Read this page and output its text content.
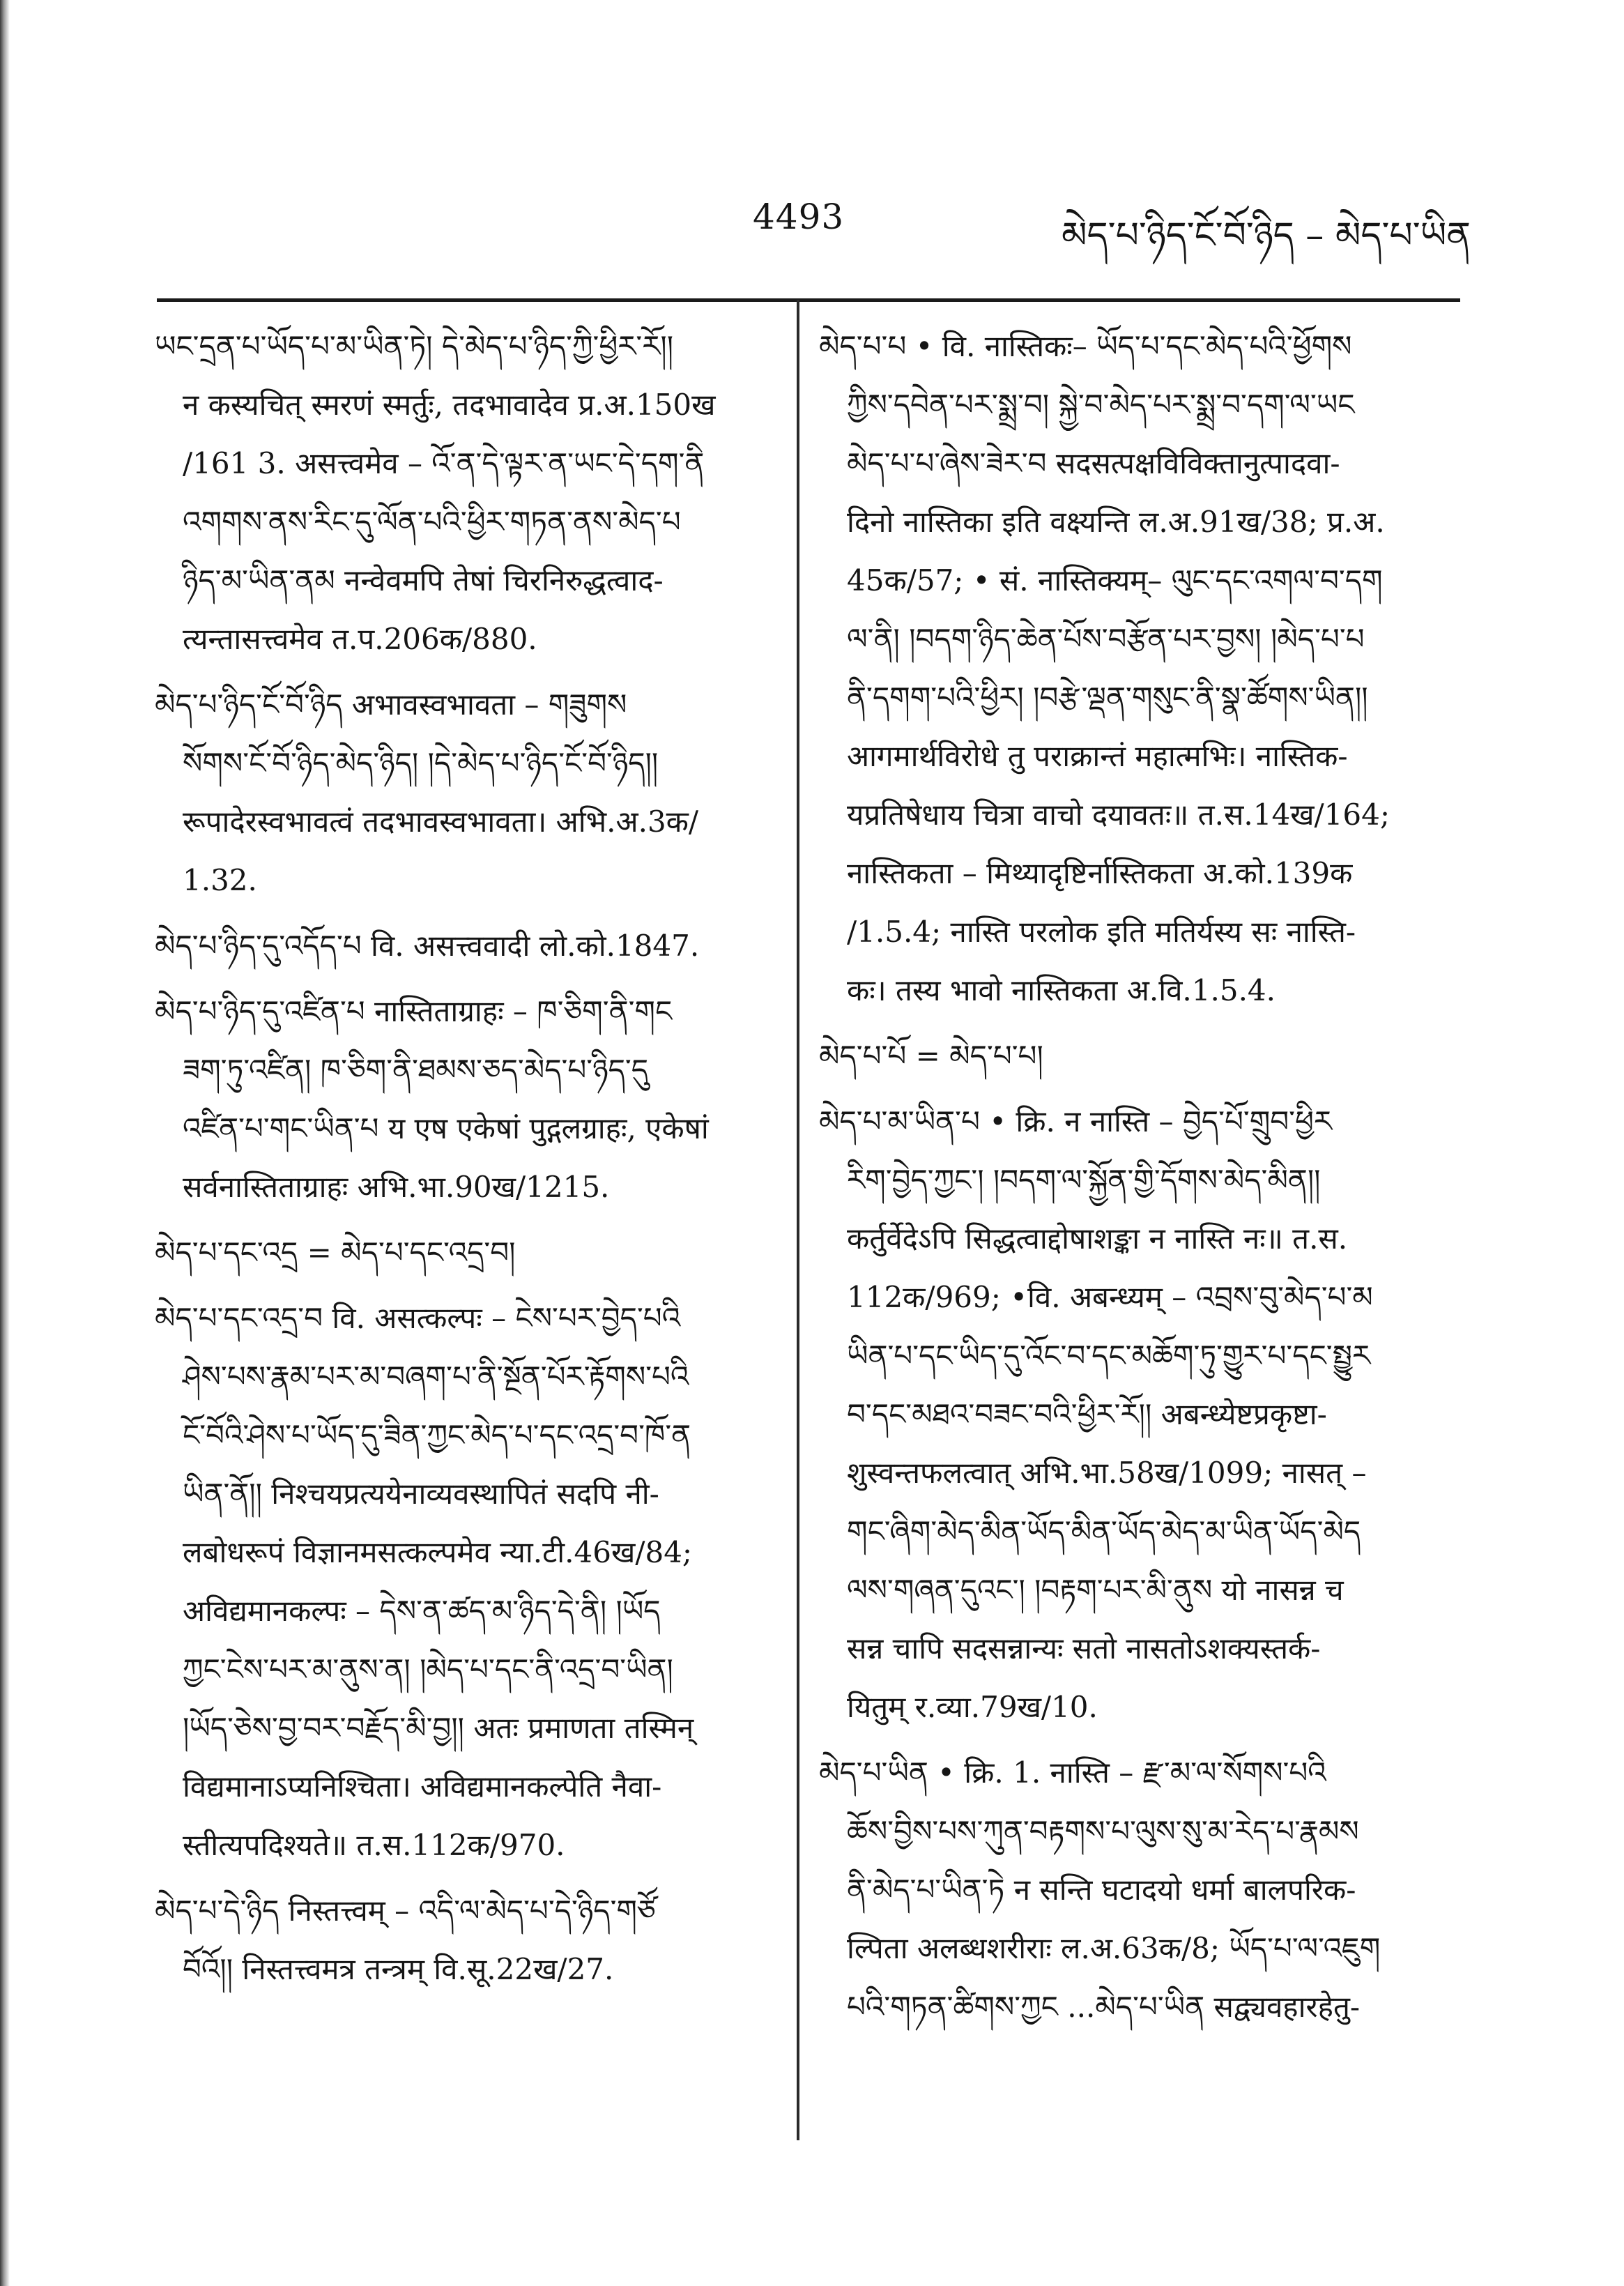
4493	མེད་པ་ཉིད་ངོ་བོ་ཉིད – མེད་པ་ཡིན
ཡང་དྲན་པ་ཡོད་པ་མ་ཡིན་ཏེ། དེ་མེད་པ་ཉིད་ཀྱི་ཕྱིར་རོ།།
न कस्यचित् स्मरणं स्मर्तुः, तदभावादेव प्र.अ.150ख
/161 3. असत्त्वमेव – འོ་ན་དེ་ལྟར་ན་ཡང་དེ་དག་ནི
འགགས་ནས་རིང་དུ་ལོན་པའི་ཕྱིར་གཏན་ནས་མེད་པ
ཉིད་མ་ཡིན་ནམ नन्वेवमपि तेषां चिरनिरुद्धत्वाद-
त्यन्तासत्त्वमेव त.प.206क/880.
མེད་པ་ཉིད་ངོ་བོ་ཉིད अभावस्वभावता – གཟུགས
སོགས་ངོ་བོ་ཉིད་མེད་ཉིད། །དེ་མེད་པ་ཉིད་ངོ་བོ་ཉིད།།
रूपादेरस्वभावत्वं तदभावस्वभावता। अभि.अ.3क/
1.32.
མེད་པ་ཉིད་དུ་འདོད་པ वि. असत्त्ववादी लो.को.1847.
མེད་པ་ཉིད་དུ་འཛིན་པ नास्तिताग्राहः – ཁ་ཅིག་ནི་གང
ཟག་ཏུ་འཛིན། ཁ་ཅིག་ནི་ཐམས་ཅད་མེད་པ་ཉིད་དུ
འཛིན་པ་གང་ཡིན་པ य एष एकेषां पुद्गलग्राहः, एकेषां
सर्वनास्तिताग्राहः अभि.भा.90ख/1215.
མེད་པ་དང་འདྲ = མེད་པ་དང་འདྲ་བ།
མེད་པ་དང་འདྲ་བ वि. असत्कल्पः – ངེས་པར་བྱེད་པའི
ཤེས་པས་རྣམ་པར་མ་བཞག་པ་ནི་སྔོན་པོར་རྟོགས་པའི
ངོ་བོའི་ཤེས་པ་ཡོད་དུ་ཟིན་ཀྱང་མེད་པ་དང་འདྲ་བ་ཁོ་ན
ཡིན་ནོ།། निश्चयप्रत्ययेनाव्यवस्थापितं सदपि नी-
लबोधरूपं विज्ञानमसत्कल्पमेव न्या.टी.46ख/84;
अविद्यमानकल्पः – དེས་ན་ཚད་མ་ཉིད་དེ་ནི། །ཡོད
ཀྱང་ངེས་པར་མ་ནུས་ན། །མེད་པ་དང་ནི་འདྲ་བ་ཡིན།
།ཡོད་ཅེས་བྱ་བར་བརྗོད་མི་བྱ།། अतः प्रमाणता तस्मिन्
विद्यमानाऽप्यनिश्चिता। अविद्यमानकल्पेति नैवा-
स्तीत्यपदिश्यते॥ त.स.112क/970.
མེད་པ་དེ་ཉིད निस्तत्त्वम् – འདི་ལ་མེད་པ་དེ་ཉིད་གཙོ
བོའོ།། निस्तत्त्वमत्र तन्त्रम् वि.सू.22ख/27.
མེད་པ་པ • वि. नास्तिकः– ཡོད་པ་དང་མེད་པའི་ཕྱོགས
ཀྱིས་དབེན་པར་སྨྲ་བ། སྐྱེ་བ་མེད་པར་སྨྲ་བ་དག་ལ་ཡང
མེད་པ་པ་ཞེས་ཟེར་བ सदसत्पक्षविविक्तानुत्पादवा-
दिनो नास्तिका इति वक्ष्यन्ति ल.अ.91ख/38; प्र.अ.
45क/57; • सं. नास्तिक्यम्– ལུང་དང་འགལ་བ་དག
ལ་ནི། །བདག་ཉིད་ཆེན་པོས་བརྩོན་པར་བྱས། །མེད་པ་པ
ནི་དགག་པའི་ཕྱིར། །བརྩེ་ལྡན་གསུང་ནི་སྣ་ཚོགས་ཡིན།།
आगमार्थविरोधे तु पराक्रान्तं महात्मभिः। नास्तिक-
यप्रतिषेधाय चित्रा वाचो दयावतः॥ त.स.14ख/164;
नास्तिकता – मिथ्यादृष्टिर्नास्तिकता अ.को.139क
/1.5.4; नास्ति परलोक इति मतिर्यस्य सः नास्ति-
कः। तस्य भावो नास्तिकता अ.वि.1.5.4.
མེད་པ་པོ = མེད་པ་པ།
མེད་པ་མ་ཡིན་པ • क्रि. न नास्ति – བྱེད་པོ་གྲུབ་ཕྱིར
རིག་བྱེད་ཀྱང་། །བདག་ལ་སྐྱོན་གྱི་དོགས་མེད་མིན།།
कर्तुर्वेदेऽपि सिद्धत्वाद्दोषाशङ्का न नास्ति नः॥ त.स.
112क/969; •वि. अबन्ध्यम् – འབྲས་བུ་མེད་པ་མ
ཡིན་པ་དང་ཡིད་དུ་འོང་བ་དང་མཆོག་ཏུ་གྱུར་པ་དང་སྤྱུར
བ་དང་མཐའ་བཟང་བའི་ཕྱིར་རོ།། अबन्ध्येष्टप्रकृष्टा-
शुस्वन्तफलत्वात् अभि.भा.58ख/1099; नासत् –
གང་ཞིག་མེད་མིན་ཡོད་མིན་ཡོད་མེད་མ་ཡིན་ཡོད་མེད
ལས་གཞན་དུའང་། །བརྟག་པར་མི་ནུས यो नासन्न च
सन्न चापि सदसन्नान्यः सतो नासतोऽशक्यस्तर्क-
यितुम् र.व्या.79ख/10.
མེད་པ་ཡིན • क्रि. 1. नास्ति – རྫ་མ་ལ་སོགས་པའི
ཆོས་བྱིས་པས་ཀུན་བརྟགས་པ་ལུས་སུ་མ་རེད་པ་རྣམས
ནི་མེད་པ་ཡིན་ཏེ न सन्ति घटादयो धर्मा बालपरिक-
ल्पिता अलब्धशरीराः ल.अ.63क/8; ཡོད་པ་ལ་འཇུག
པའི་གཏན་ཚིགས་ཀྱང ...མེད་པ་ཡིན सद्व्यवहारहेतु-
